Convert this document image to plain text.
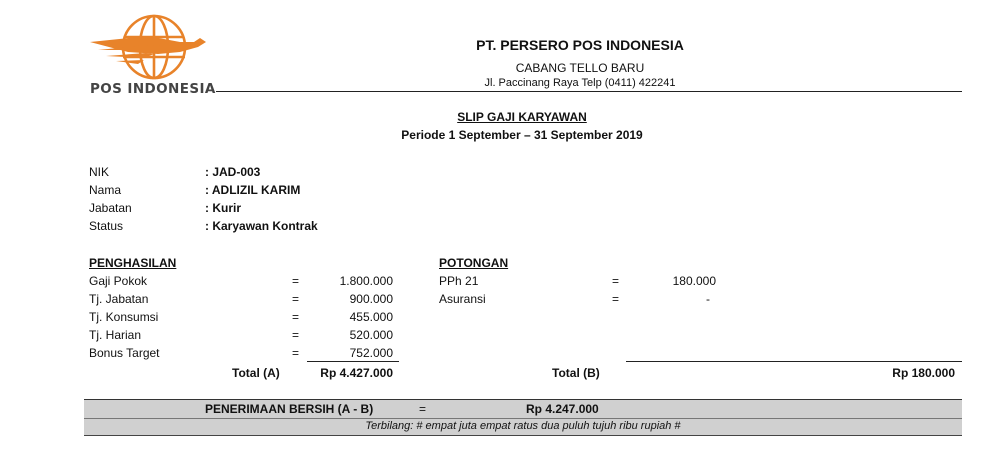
POS INDONESIA
PT. PERSERO POS INDONESIA
CABANG TELLO BARU
Jl. Paccinang Raya Telp (0411) 422241
SLIP GAJI KARYAWAN
Periode 1 September – 31 September 2019
NIK	: JAD-003
Nama	: ADLIZIL KARIM
Jabatan	: Kurir
Status	: Karyawan Kontrak
PENGHASILAN
Gaji Pokok	=	1.800.000
Tj. Jabatan	=	900.000
Tj. Konsumsi	=	455.000
Tj. Harian	=	520.000
Bonus Target	=	752.000
Total (A)	Rp 4.427.000
POTONGAN
PPh 21	=	180.000
Asuransi	=	-
Total (B)	Rp 180.000
PENERIMAAN BERSIH (A - B)	=	Rp 4.247.000
Terbilang: # empat juta empat ratus dua puluh tujuh ribu rupiah #
